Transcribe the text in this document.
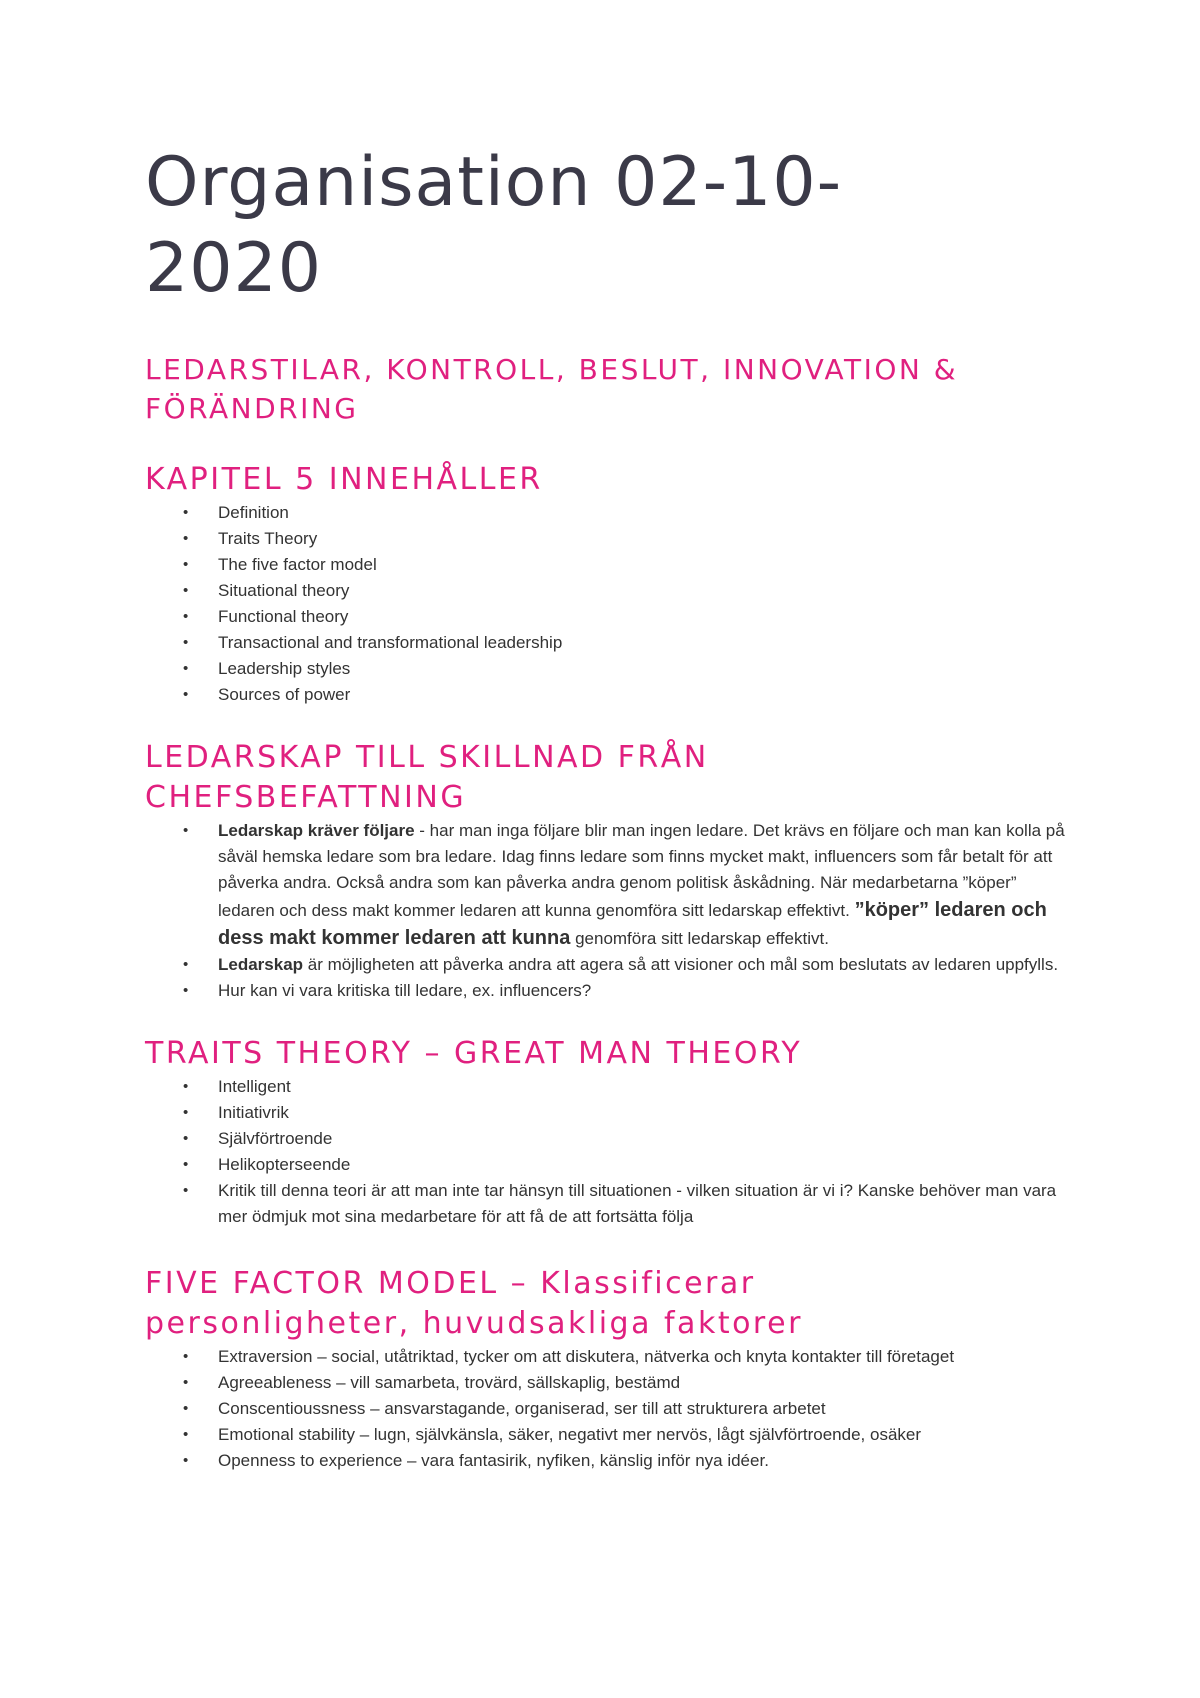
Organisation 02-10-2020
LEDARSTILAR, KONTROLL, BESLUT, INNOVATION & FÖRÄNDRING
KAPITEL 5 INNEHÅLLER
• Definition
• Traits Theory
• The five factor model
• Situational theory
• Functional theory
• Transactional and transformational leadership
• Leadership styles
• Sources of power
LEDARSKAP TILL SKILLNAD FRÅN CHEFSBEFATTNING
• Ledarskap kräver följare - har man inga följare blir man ingen ledare. Det krävs en följare och man kan kolla på såväl hemska ledare som bra ledare. Idag finns ledare som finns mycket makt, influencers som får betalt för att påverka andra. Också andra som kan påverka andra genom politisk åskådning. När medarbetarna ”köper” ledaren och dess makt kommer ledaren att kunna genomföra sitt ledarskap effektivt. ”köper” ledaren och dess makt kommer ledaren att kunna genomföra sitt ledarskap effektivt.
• Ledarskap är möjligheten att påverka andra att agera så att visioner och mål som beslutats av ledaren uppfylls.
• Hur kan vi vara kritiska till ledare, ex. influencers?
TRAITS THEORY – GREAT MAN THEORY
• Intelligent
• Initiativrik
• Självförtroende
• Helikopterseende
• Kritik till denna teori är att man inte tar hänsyn till situationen - vilken situation är vi i? Kanske behöver man vara mer ödmjuk mot sina medarbetare för att få de att fortsätta följa
FIVE FACTOR MODEL – Klassificerar personligheter, huvudsakliga faktorer
• Extraversion – social, utåtriktad, tycker om att diskutera, nätverka och knyta kontakter till företaget
• Agreeableness – vill samarbeta, trovärd, sällskaplig, bestämd
• Conscentioussness – ansvarstagande, organiserad, ser till att strukturera arbetet
• Emotional stability – lugn, självkänsla, säker, negativt mer nervös, lågt självförtroende, osäker
• Openness to experience – vara fantasirik, nyfiken, känslig inför nya idéer.
